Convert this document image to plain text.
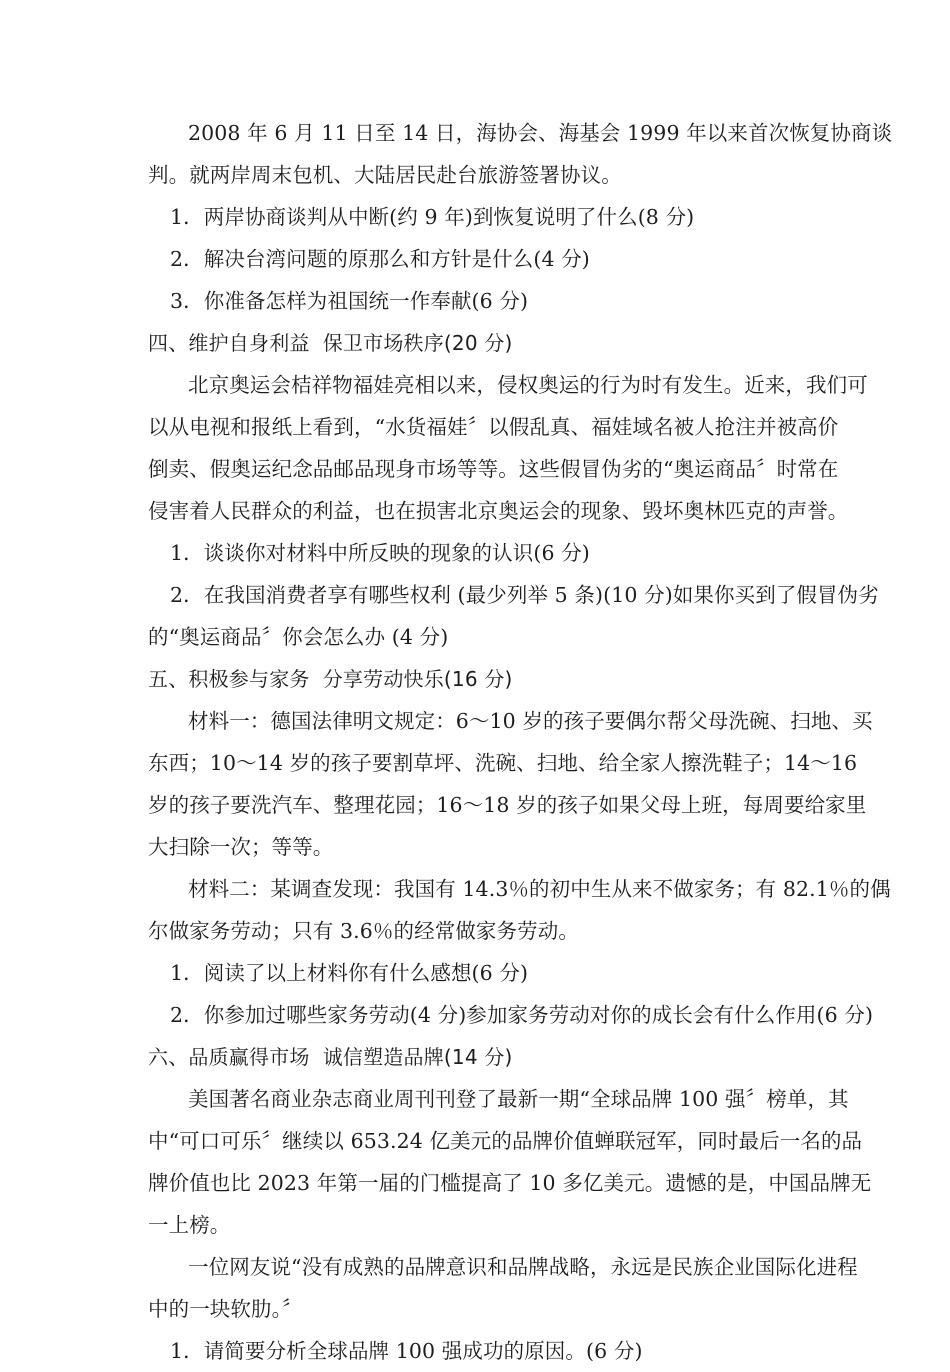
2008 年 6 月 11 日至 14 日，海协会、海基会 1999 年以来首次恢复协商谈
判。就两岸周末包机、大陆居民赴台旅游签署协议。
1．两岸协商谈判从中断(约 9 年)到恢复说明了什么(8 分)
2．解决台湾问题的原那么和方针是什么(4 分)
3．你准备怎样为祖国统一作奉献(6 分)
四、维护自身利益  保卫市场秩序(20 分)
北京奥运会桔祥物福娃亮相以来，侵权奥运的行为时有发生。近来，我们可
以从电视和报纸上看到，“水货福娃〞以假乱真、福娃域名被人抢注并被高价
倒卖、假奥运纪念品邮品现身市场等等。这些假冒伪劣的“奥运商品〞时常在
侵害着人民群众的利益，也在损害北京奥运会的现象、毁坏奥林匹克的声誉。
1．谈谈你对材料中所反映的现象的认识(6 分)
2．在我国消费者享有哪些权利 (最少列举 5 条)(10 分)如果你买到了假冒伪劣
的“奥运商品〞你会怎么办 (4 分)
五、积极参与家务  分享劳动快乐(16 分)
材料一：德国法律明文规定：6～10 岁的孩子要偶尔帮父母洗碗、扫地、买
东西；10～14 岁的孩子要割草坪、洗碗、扫地、给全家人擦洗鞋子；14～16
岁的孩子要洗汽车、整理花园；16～18 岁的孩子如果父母上班，每周要给家里
大扫除一次；等等。
材料二：某调查发现：我国有 14.3％的初中生从来不做家务；有 82.1％的偶
尔做家务劳动；只有 3.6％的经常做家务劳动。
1．阅读了以上材料你有什么感想(6 分)
2．你参加过哪些家务劳动(4 分)参加家务劳动对你的成长会有什么作用(6 分)
六、品质赢得市场  诚信塑造品牌(14 分)
美国著名商业杂志商业周刊刊登了最新一期“全球品牌 100 强〞榜单，其
中“可口可乐〞继续以 653.24 亿美元的品牌价值蝉联冠军，同时最后一名的品
牌价值也比 2023 年第一届的门槛提高了 10 多亿美元。遗憾的是，中国品牌无
一上榜。
一位网友说“没有成熟的品牌意识和品牌战略，永远是民族企业国际化进程
中的一块软肋。〞
1．请简要分析全球品牌 100 强成功的原因。(6 分)
